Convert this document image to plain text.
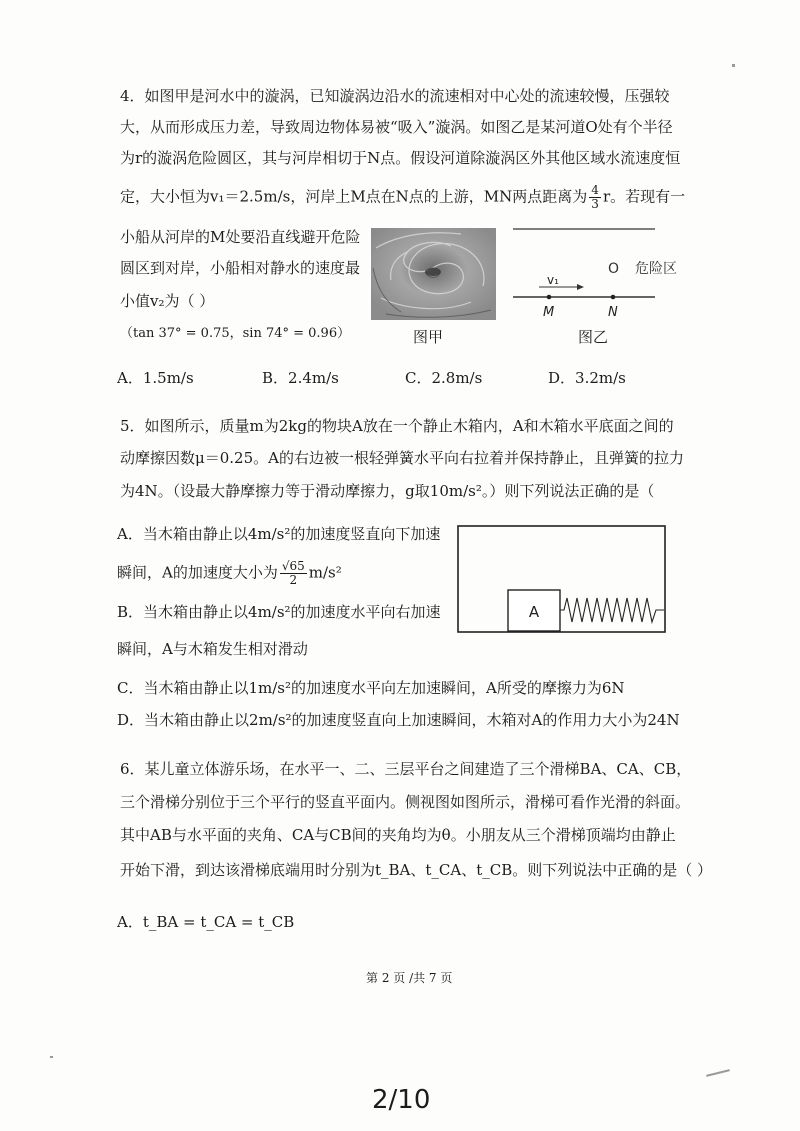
4．如图甲是河水中的漩涡，已知漩涡边沿水的流速相对中心处的流速较慢，压强较
大，从而形成压力差，导致周边物体易被“吸入”漩涡。如图乙是某河道O处有个半径
为r的漩涡危险圆区，其与河岸相切于N点。假设河道除漩涡区外其他区域水流速度恒
定，大小恒为v₁＝2.5m/s，河岸上M点在N点的上游，MN两点距离为 $\frac{4}{3}$ r。若现有一
小船从河岸的M处要沿直线避开危险
圆区到对岸，小船相对静水的速度最
小值v₂为（ ）
（tan 37° = 0.75，sin 74° = 0.96）	图甲
v₁
M	N
O 危险区
图乙
A．1.5m/s	B．2.4m/s	C．2.8m/s	D．3.2m/s
5．如图所示，质量m为2kg的物块A放在一个静止木箱内，A和木箱水平底面之间的
动摩擦因数μ＝0.25。A的右边被一根轻弹簧水平向右拉着并保持静止，且弹簧的拉力
为4N。（设最大静摩擦力等于滑动摩擦力，g取10m/s²。）则下列说法正确的是（
A．当木箱由静止以4m/s²的加速度竖直向下加速
瞬间，A的加速度大小为 $\frac{√65}{2} m/s^2$
B．当木箱由静止以4m/s²的加速度水平向右加速
瞬间，A与木箱发生相对滑动
C．当木箱由静止以1m/s²的加速度水平向左加速瞬间，A所受的摩擦力为6N
D．当木箱由静止以2m/s²的加速度竖直向上加速瞬间，木箱对A的作用力大小为24N
A
6．某儿童立体游乐场，在水平一、二、三层平台之间建造了三个滑梯BA、CA、CB，
三个滑梯分别位于三个平行的竖直平面内。侧视图如图所示，滑梯可看作光滑的斜面。
其中AB与水平面的夹角、CA与CB间的夹角均为θ。小朋友从三个滑梯顶端均由静止
开始下滑，到达该滑梯底端用时分别为t_BA、t_CA、t_CB。则下列说法中正确的是（ ）
A．t_BA = t_CA = t_CB
第 2 页 /共 7 页
2/10
